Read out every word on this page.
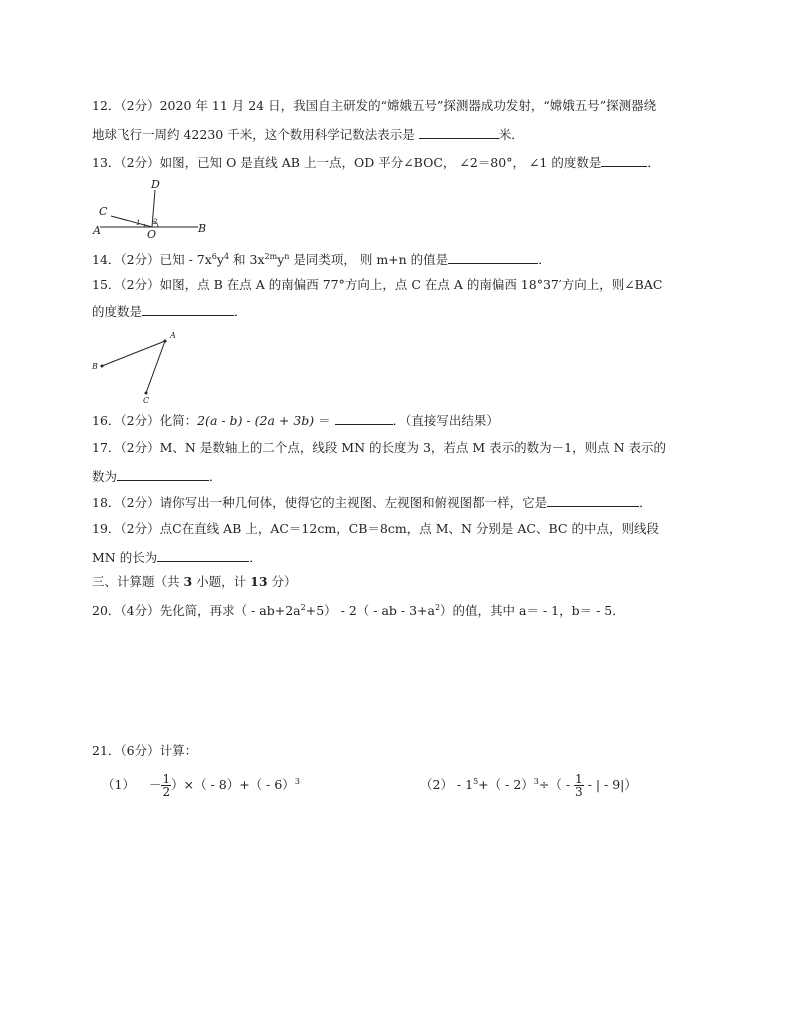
12．（2分）2020 年 11 月 24 日，我国自主研发的“嫦娥五号”探测器成功发射，“嫦娥五号”探测器绕
地球飞行一周约 42230 千米，这个数用科学记数法表示是	米．
13．（2分）如图，已知 O 是直线 AB 上一点，OD 平分∠BOC， ∠2＝80°， ∠1 的度数是	．
D
C
A	O	B
1 2
14．（2分）已知 - $7x^6y^4$ 和 $3x^{2m}y^n$ 是同类项， 则 m+n 的值是	．
15．（2分）如图，点 B 在点 A 的南偏西 77°方向上，点 C 在点 A 的南偏西 18°37′方向上，则∠BAC
的度数是	．
A
B
C
16．（2分）化简：2(a - b) - (2a + 3b) ＝	．（直接写出结果）
17．（2分）M、N 是数轴上的二个点，线段 MN 的长度为 3，若点 M 表示的数为－1，则点 N 表示的
数为	．
18．（2分）请你写出一种几何体，使得它的主视图、左视图和俯视图都一样，它是	．
19．（2分）点C在直线 AB 上，AC＝12cm，CB＝8cm，点 M、N 分别是 AC、BC 的中点，则线段
MN 的长为	．
三、计算题（共 3 小题，计 13 分）
20．（4分）先化简，再求（ - $ab+2a^2+5) - 2$（ - ab - $3+a^2$）的值，其中 a＝ - 1，b＝ - 5．
21．（6分）计算：
$(1) - \frac{1}{2}$ ）×（ - 8）+（ - 6）$^3$	$(2) - 1^5+( - 2)^3\div( - \frac{1}{3}$ - | - 9|）
